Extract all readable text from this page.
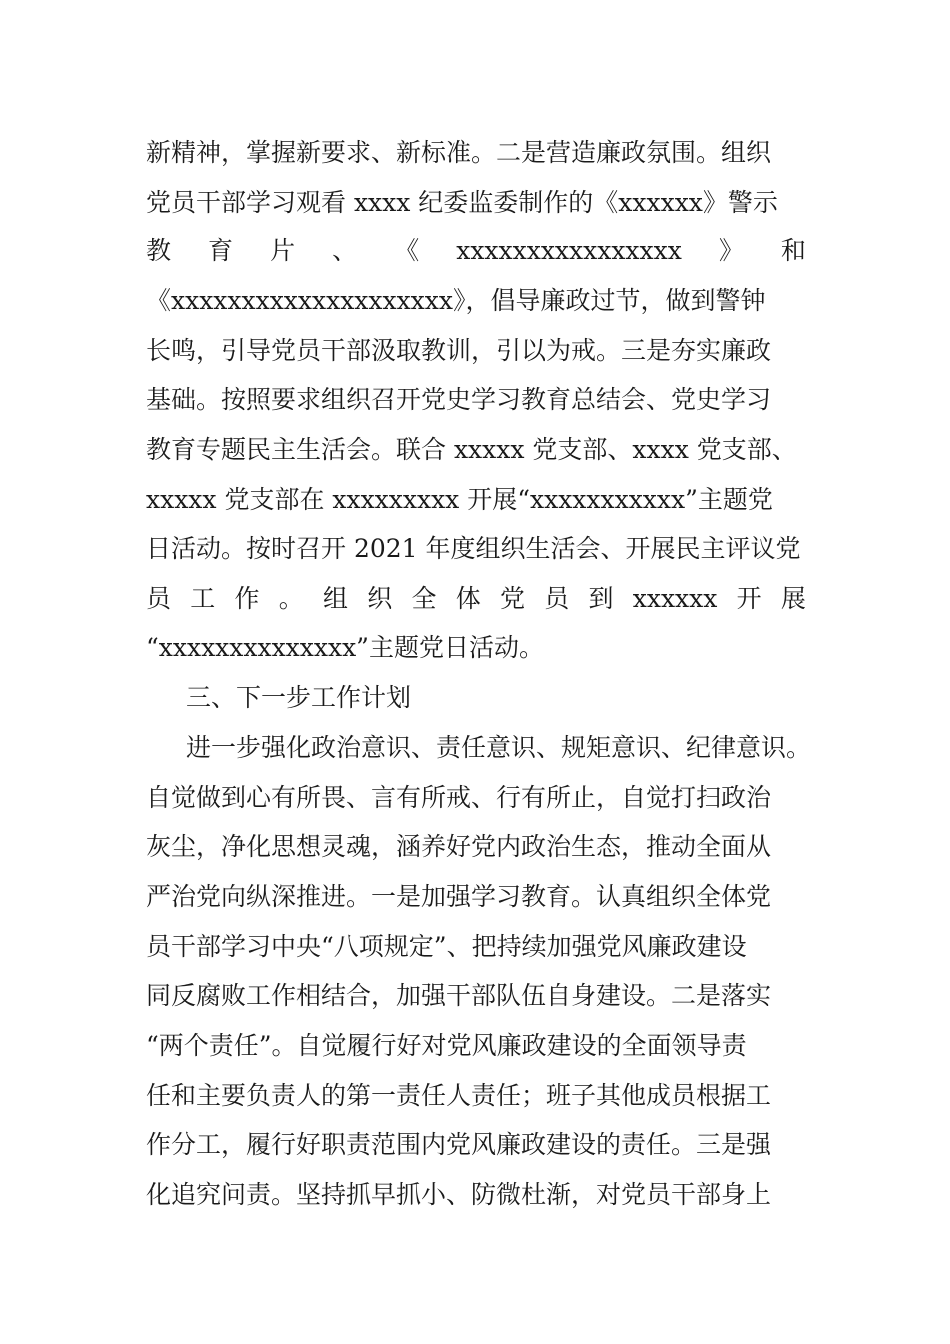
新精神，掌握新要求、新标准。二是营造廉政氛围。组织
党员干部学习观看 xxxx 纪委监委制作的《xxxxxx》警示
教 育 片 、 《 xxxxxxxxxxxxxxxx 》 和
《xxxxxxxxxxxxxxxxxxxx》，倡导廉政过节，做到警钟
长鸣，引导党员干部汲取教训，引以为戒。三是夯实廉政
基础。按照要求组织召开党史学习教育总结会、党史学习
教育专题民主生活会。联合 xxxxx 党支部、xxxx 党支部、
xxxxx 党支部在 xxxxxxxxx 开展“xxxxxxxxxxx”主题党
日活动。按时召开 2021 年度组织生活会、开展民主评议党
员 工 作 。 组 织 全 体 党 员 到 xxxxxx 开 展
“xxxxxxxxxxxxxx”主题党日活动。
三、下一步工作计划
进一步强化政治意识、责任意识、规矩意识、纪律意识。
自觉做到心有所畏、言有所戒、行有所止，自觉打扫政治
灰尘，净化思想灵魂，涵养好党内政治生态，推动全面从
严治党向纵深推进。一是加强学习教育。认真组织全体党
员干部学习中央“八项规定”、把持续加强党风廉政建设
同反腐败工作相结合，加强干部队伍自身建设。二是落实
“两个责任”。自觉履行好对党风廉政建设的全面领导责
任和主要负责人的第一责任人责任；班子其他成员根据工
作分工，履行好职责范围内党风廉政建设的责任。三是强
化追究问责。坚持抓早抓小、防微杜渐，对党员干部身上
